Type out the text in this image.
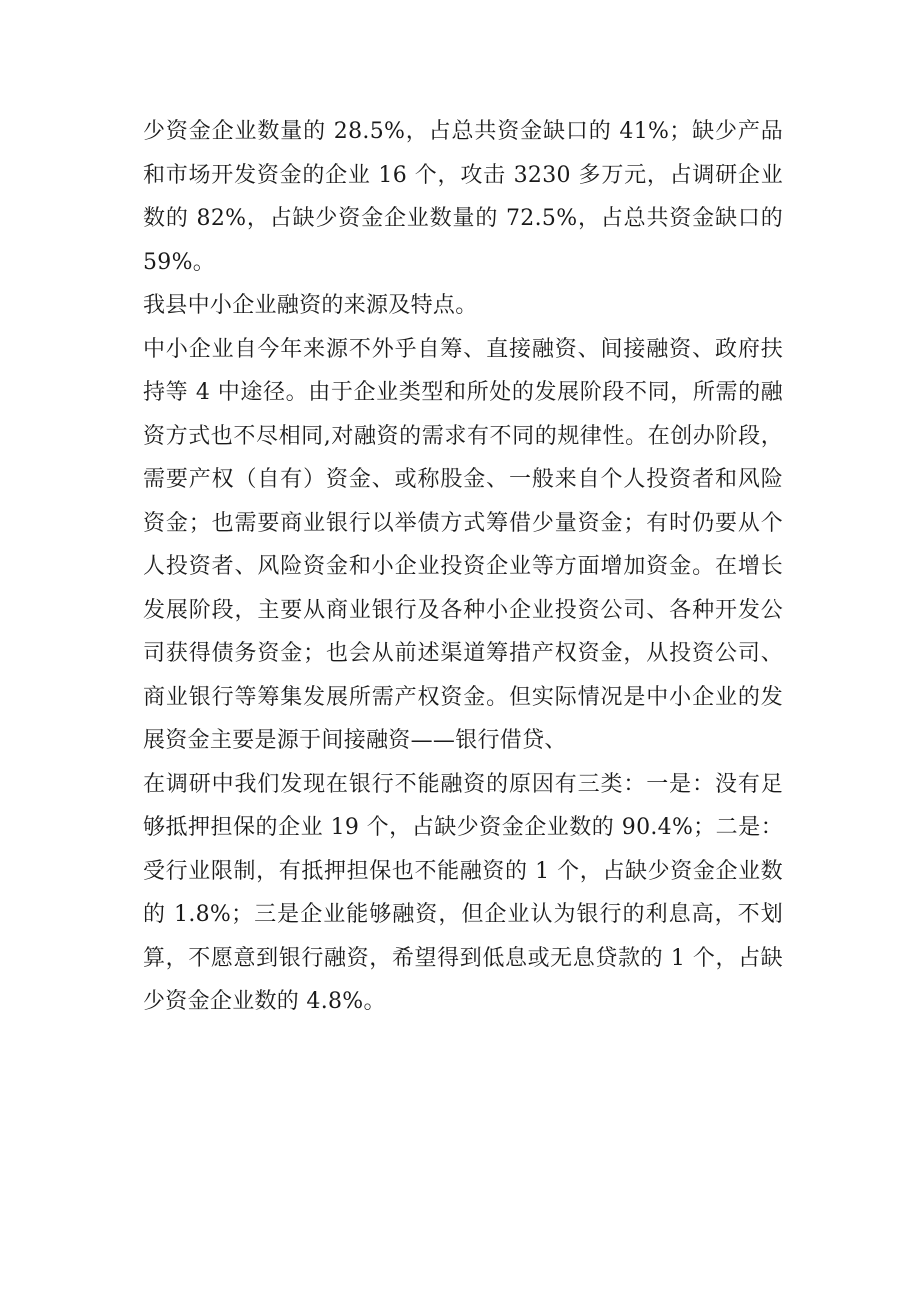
少资金企业数量的 28.5%，占总共资金缺口的 41%；缺少产品和市场开发资金的企业 16 个，攻击 3230 多万元，占调研企业数的 82%，占缺少资金企业数量的 72.5%，占总共资金缺口的 59%。

我县中小企业融资的来源及特点。

中小企业自今年来源不外乎自筹、直接融资、间接融资、政府扶持等 4 中途径。由于企业类型和所处的发展阶段不同，所需的融资方式也不尽相同,对融资的需求有不同的规律性。在创办阶段，需要产权（自有）资金、或称股金、一般来自个人投资者和风险资金；也需要商业银行以举债方式筹借少量资金；有时仍要从个人投资者、风险资金和小企业投资企业等方面增加资金。在增长发展阶段，主要从商业银行及各种小企业投资公司、各种开发公司获得债务资金；也会从前述渠道筹措产权资金，从投资公司、商业银行等筹集发展所需产权资金。但实际情况是中小企业的发展资金主要是源于间接融资——银行借贷、

在调研中我们发现在银行不能融资的原因有三类：一是：没有足够抵押担保的企业 19 个，占缺少资金企业数的 90.4%；二是：受行业限制，有抵押担保也不能融资的 1 个，占缺少资金企业数的 1.8%；三是企业能够融资，但企业认为银行的利息高，不划算，不愿意到银行融资，希望得到低息或无息贷款的 1 个，占缺少资金企业数的 4.8%。
